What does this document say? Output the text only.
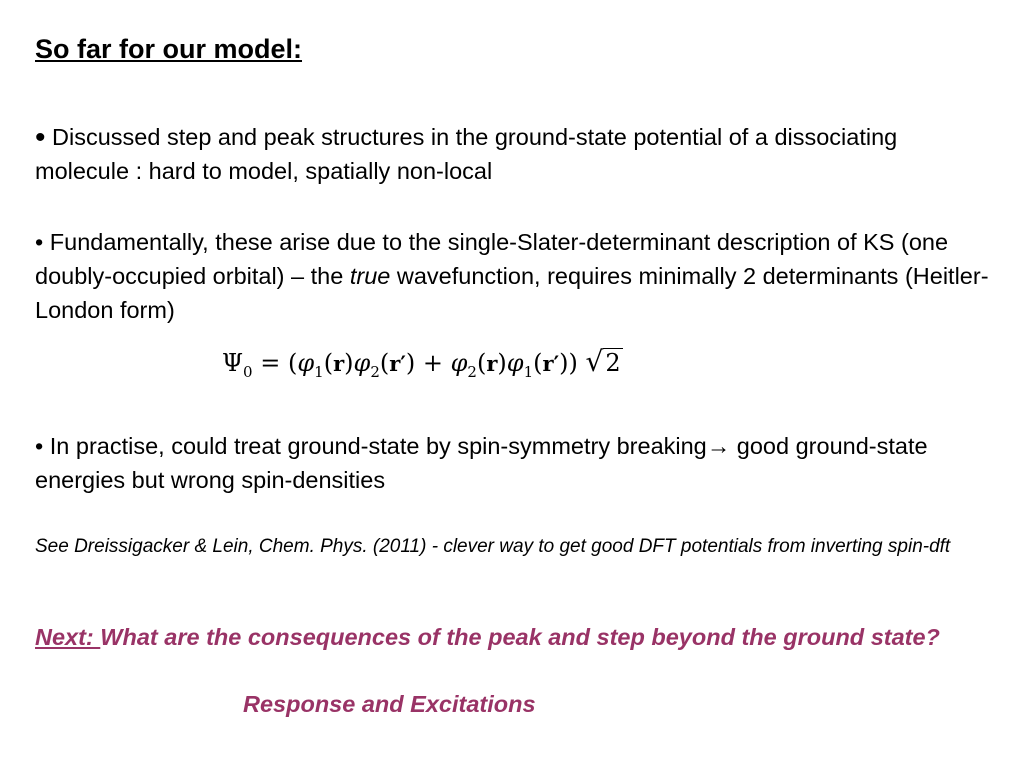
So far for our model:
• Discussed step and peak structures in the ground-state potential of a dissociating molecule : hard to model, spatially non-local
• Fundamentally, these arise due to the single-Slater-determinant description of KS (one doubly-occupied orbital) – the true wavefunction, requires minimally 2 determinants (Heitler-London form)
$\Psi_0 = (\varphi_1(r)\varphi_2(r') + \varphi_2(r)\varphi_1(r'))$ √2
• In practise, could treat ground-state by spin-symmetry breaking→ good ground-state energies but wrong spin-densities
See Dreissigacker & Lein, Chem. Phys. (2011) - clever way to get good DFT potentials from inverting spin-dft
Next: What are the consequences of the peak and step beyond the ground state?
Response and Excitations
